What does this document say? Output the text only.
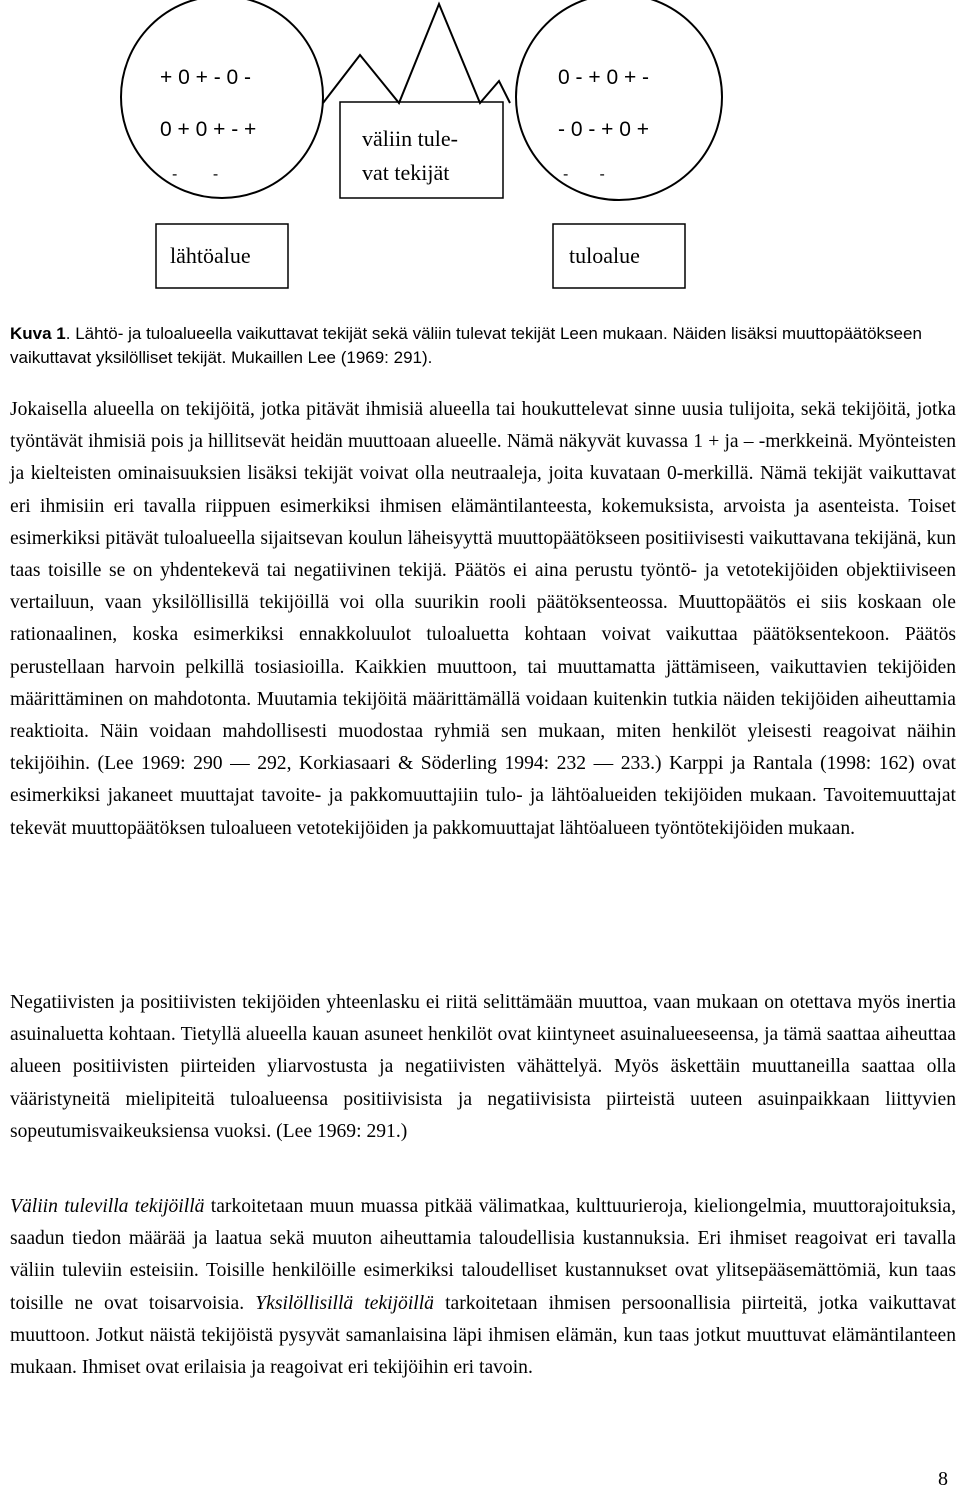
+ 0 + - 0 -
0 + 0 + - +
-        -
0 - + 0 + -
- 0 - + 0 +
-       -
väliin tule-
vat tekijät
lähtöalue	tuloalue
Kuva 1. Lähtö- ja tuloalueella vaikuttavat tekijät sekä väliin tulevat tekijät Leen mukaan. Näiden lisäksi muuttopäätökseen vaikuttavat yksilölliset tekijät. Mukaillen Lee (1969: 291).

Jokaisella alueella on tekijöitä, jotka pitävät ihmisiä alueella tai houkuttelevat sinne uusia tulijoita, sekä tekijöitä, jotka työntävät ihmisiä pois ja hillitsevät heidän muuttoaan alueelle. Nämä näkyvät kuvassa 1 + ja – -merkkeinä. Myönteisten ja kielteisten ominaisuuksien lisäksi tekijät voivat olla neutraaleja, joita kuvataan 0-merkillä. Nämä tekijät vaikuttavat eri ihmisiin eri tavalla riippuen esimerkiksi ihmisen elämäntilanteesta, kokemuksista, arvoista ja asenteista. Toiset esimerkiksi pitävät tuloalueella sijaitsevan koulun läheisyyttä muuttopäätökseen positiivisesti vaikuttavana tekijänä, kun taas toisille se on yhdentekevä tai negatiivinen tekijä. Päätös ei aina perustu työntö- ja vetotekijöiden objektiiviseen vertailuun, vaan yksilöllisillä tekijöillä voi olla suurikin rooli päätöksenteossa. Muuttopäätös ei siis koskaan ole rationaalinen, koska esimerkiksi ennakkoluulot tuloaluetta kohtaan voivat vaikuttaa päätöksentekoon. Päätös perustellaan harvoin pelkillä tosiasioilla. Kaikkien muuttoon, tai muuttamatta jättämiseen, vaikuttavien tekijöiden määrittäminen on mahdotonta. Muutamia tekijöitä määrittämällä voidaan kuitenkin tutkia näiden tekijöiden aiheuttamia reaktioita. Näin voidaan mahdollisesti muodostaa ryhmiä sen mukaan, miten henkilöt yleisesti reagoivat näihin tekijöihin. (Lee 1969: 290 — 292, Korkiasaari & Söderling 1994: 232 — 233.) Karppi ja Rantala (1998: 162) ovat esimerkiksi jakaneet muuttajat tavoite- ja pakkomuuttajiin tulo- ja lähtöalueiden tekijöiden mukaan. Tavoitemuuttajat tekevät muuttopäätöksen tuloalueen vetotekijöiden ja pakkomuuttajat lähtöalueen työntötekijöiden mukaan.

Negatiivisten ja positiivisten tekijöiden yhteenlasku ei riitä selittämään muuttoa, vaan mukaan on otettava myös inertia asuinaluetta kohtaan. Tietyllä alueella kauan asuneet henkilöt ovat kiintyneet asuinalueeseensa, ja tämä saattaa aiheuttaa alueen positiivisten piirteiden yliarvostusta ja negatiivisten vähättelyä. Myös äskettäin muuttaneilla saattaa olla vääristyneitä mielipiteitä tuloalueensa positiivisista ja negatiivisista piirteistä uuteen asuinpaikkaan liittyvien sopeutumisvaikeuksiensa vuoksi. (Lee 1969: 291.)

Väliin tulevilla tekijöillä tarkoitetaan muun muassa pitkää välimatkaa, kulttuurieroja, kieliongelmia, muuttorajoituksia, saadun tiedon määrää ja laatua sekä muuton aiheuttamia taloudellisia kustannuksia. Eri ihmiset reagoivat eri tavalla väliin tuleviin esteisiin. Toisille henkilöille esimerkiksi taloudelliset kustannukset ovat ylitsepääsemättömiä, kun taas toisille ne ovat toisarvoisia. Yksilöllisillä tekijöillä tarkoitetaan ihmisen persoonallisia piirteitä, jotka vaikuttavat muuttoon. Jotkut näistä tekijöistä pysyvät samanlaisina läpi ihmisen elämän, kun taas jotkut muuttuvat elämäntilanteen mukaan. Ihmiset ovat erilaisia ja reagoivat eri tekijöihin eri tavoin.

8
